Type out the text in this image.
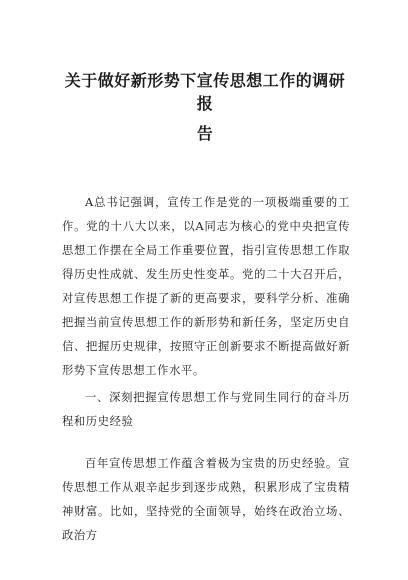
关于做好新形势下宣传思想工作的调研报
告

A总书记强调，宣传工作是党的一项极端重要的工作。党的十八大以来，以A同志为核心的党中央把宣传思想工作摆在全局工作重要位置，指引宣传思想工作取得历史性成就、发生历史性变革。党的二十大召开后，对宣传思想工作提了新的更高要求，要科学分析、准确把握当前宣传思想工作的新形势和新任务，坚定历史自信、把握历史规律，按照守正创新要求不断提高做好新形势下宣传思想工作水平。

一、深刻把握宣传思想工作与党同生同行的奋斗历程和历史经验

百年宣传思想工作蕴含着极为宝贵的历史经验。宣传思想工作从艰辛起步到逐步成熟，积累形成了宝贵精神财富。比如，坚持党的全面领导，始终在政治立场、政治方
